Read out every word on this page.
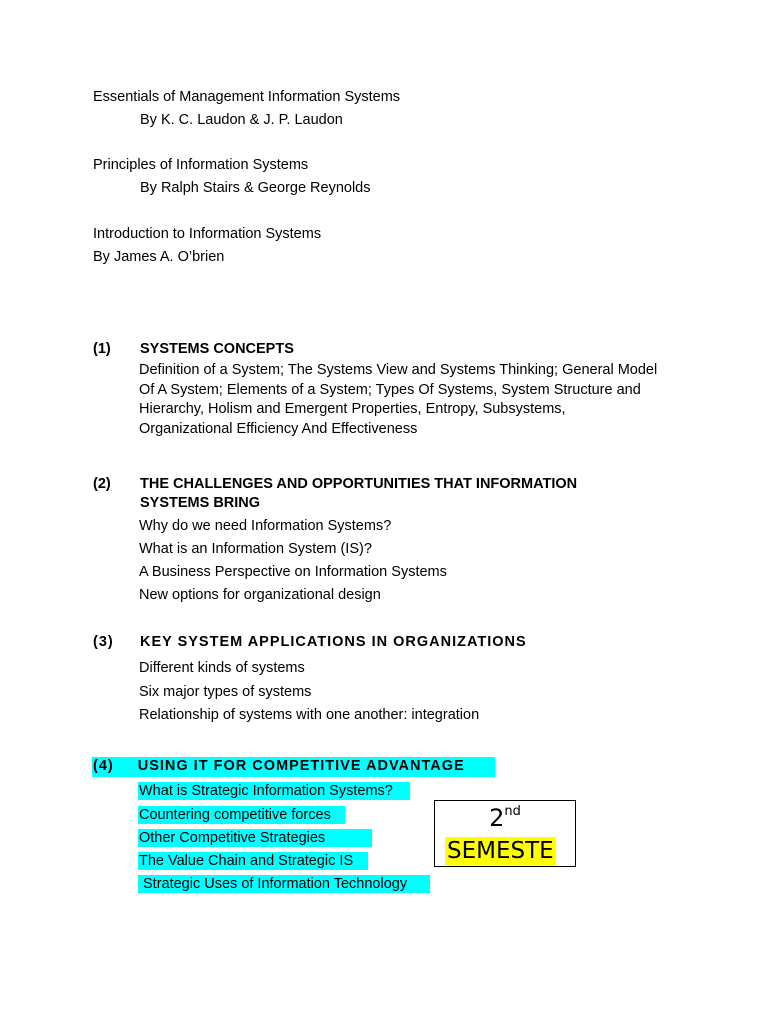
Essentials of Management Information Systems
By K. C. Laudon & J. P. Laudon
Principles of Information Systems
By Ralph Stairs & George Reynolds
Introduction to Information Systems
By James A. O’brien
(1) SYSTEMS CONCEPTS
Definition of a System; The Systems View and Systems Thinking; General Model Of A System; Elements of a System; Types Of Systems, System Structure and Hierarchy, Holism and Emergent Properties, Entropy, Subsystems, Organizational Efficiency And Effectiveness
(2) THE CHALLENGES AND OPPORTUNITIES THAT INFORMATION
SYSTEMS BRING
Why do we need Information Systems?
What is an Information System (IS)?
A Business Perspective on Information Systems
New options for organizational design
(3) KEY SYSTEM APPLICATIONS IN ORGANIZATIONS
Different kinds of systems
Six major types of systems
Relationship of systems with one another: integration
(4) USING IT FOR COMPETITIVE ADVANTAGE
What is Strategic Information Systems?
Countering competitive forces
Other Competitive Strategies
The Value Chain and Strategic IS
Strategic Uses of Information Technology
2nd
SEMESTE
